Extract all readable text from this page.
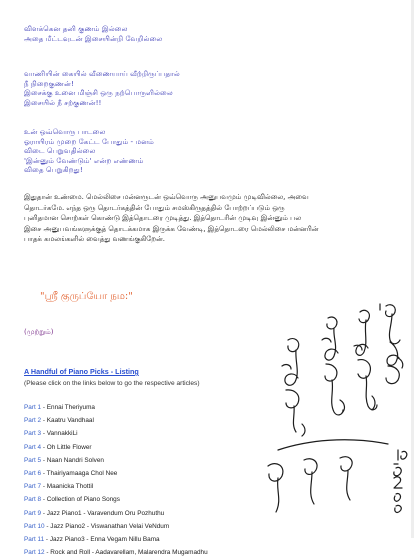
விளக்கென தனி குணம் இல்லை
அதை மீட்டவுடன் இசையின்றி வேறில்லை
வாணியின் கையில் வீணையாய் வீற்றிருப்பதால்
நீ நிறைகுணன்!
இசைக்கு உனை மிஞ்சி ஒரு நற்பொருளில்லை
இசையில் நீ சற்குணன்!!
உன் ஒவ்வொரு பாடலை
ஓராயிரம் முறை கேட்ட போதும் - மனம்
விடை பெறுவதில்லை
'இன்னும் வேண்டும்' என்ற எண்ணம்
விதை பெறுகிறது!
இதுதான் உண்மை. மெல்லிசை மன்னருடன் ஒவ்வொரு அனுபவமும் முடிவில்லை, அவை
தொடர்கமே. எந்த ஒரு தொடர்கத்தின் போதும் சமஸ்கிருதத்தில் போற்றப்படும் ஒரு
புனிதமான சொற்கள் கொண்டு இத்தொடரை முடித்து. இத்தொடரின் முடிவு இன்னும் பல
இசை அனுபவங்களுக்குத் தொடக்கமாக இருக்க வேண்டி, இத்தொடரை மெல்லிசை மன்னரின்
பாதக் கமலங்களில் வைத்து வணங்குகிறேன்.
"ஸ்ரீ குருப்யோ நம:"
(முற்றும்)
A Handful of Piano Picks - Listing
(Please click on the links below to go the respective articles)
Part 1 - Ennai Theriyuma
Part 2 - Kaatru Vandhaal
Part 3 - VannakkiLi
Part 4 - Oh Little Flower
Part 5 - Naan Nandri Solven
Part 6 - Thairiyamaaga Chol Nee
Part 7 - Maanicka Thottil
Part 8 - Collection of Piano Songs
Part 9 - Jazz Piano1 - Varavendum Oru Pozhuthu
Part 10 - Jazz Piano2 - Viswanathan Velai VeNdum
Part 11 - Jazz Piano3 - Enna Vegam Nillu Bama
Part 12 - Rock and Roll - Aadavarellam, Malarendra Mugamadhu
